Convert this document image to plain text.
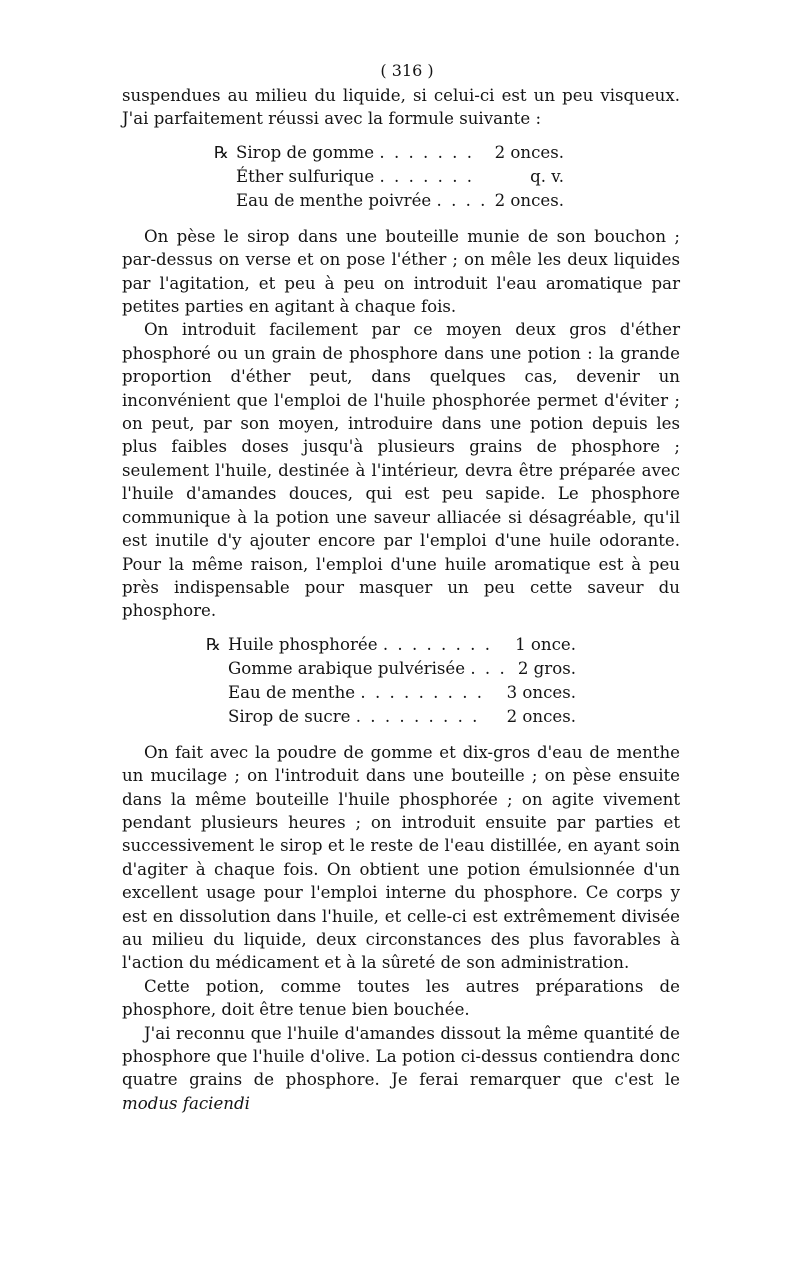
( 316 )

suspendues au milieu du liquide, si celui-ci est un peu visqueux. J'ai parfaitement réussi avec la formule suivante :

℞ Sirop de gomme
. . . . . . . 2 onces.
Éther sulfurique
. . . . . . .	q. v.
Eau de menthe poivrée
. . . . 2 onces.

On pèse le sirop dans une bouteille munie de son bouchon ; par-dessus on verse et on pose l'éther ; on mêle les deux liquides par l'agitation, et peu à peu on introduit l'eau aromatique par petites parties en agitant à chaque fois.

On introduit facilement par ce moyen deux gros d'éther phosphoré ou un grain de phosphore dans une potion : la grande proportion d'éther peut, dans quelques cas, devenir un inconvénient que l'emploi de l'huile phosphorée permet d'éviter ; on peut, par son moyen, introduire dans une potion depuis les plus faibles doses jusqu'à plusieurs grains de phosphore ; seulement l'huile, destinée à l'intérieur, devra être préparée avec l'huile d'amandes douces, qui est peu sapide. Le phosphore communique à la potion une saveur alliacée si désagréable, qu'il est inutile d'y ajouter encore par l'emploi d'une huile odorante. Pour la même raison, l'emploi d'une huile aromatique est à peu près indispensable pour masquer un peu cette saveur du phosphore.

℞ Huile phosphorée
. . . . . . . . 1 once.
Gomme arabique pulvérisée
. . . 2 gros.
Eau de menthe
. . . . . . . . . 3 onces.
Sirop de sucre
. . . . . . . . . 2 onces.

On fait avec la poudre de gomme et dix-gros d'eau de menthe un mucilage ; on l'introduit dans une bouteille ; on pèse ensuite dans la même bouteille l'huile phosphorée ; on agite vivement pendant plusieurs heures ; on introduit ensuite par parties et successivement le sirop et le reste de l'eau distillée, en ayant soin d'agiter à chaque fois. On obtient une potion émulsionnée d'un excellent usage pour l'emploi interne du phosphore. Ce corps y est en dissolution dans l'huile, et celle-ci est extrêmement divisée au milieu du liquide, deux circonstances des plus favorables à l'action du médicament et à la sûreté de son administration.

Cette potion, comme toutes les autres préparations de phosphore, doit être tenue bien bouchée.

J'ai reconnu que l'huile d'amandes dissout la même quantité de phosphore que l'huile d'olive. La potion ci-dessus contiendra donc quatre grains de phosphore. Je ferai remarquer que c'est le modus faciendi
